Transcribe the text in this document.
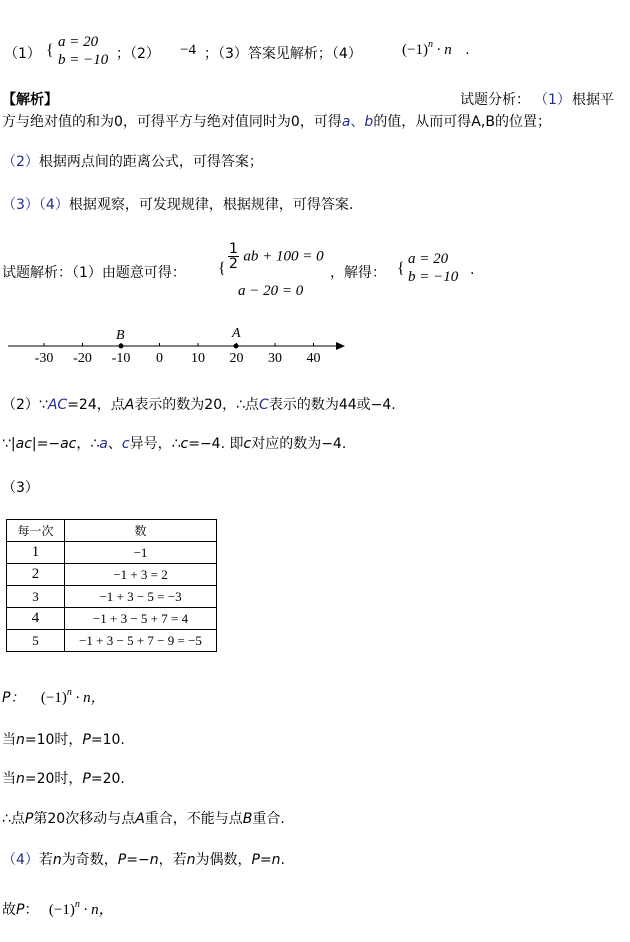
（1） { a = 20
b = −10 ；（2） −4 ；（3）答案见解析；（4）	$(-1)^n \cdot n$ .
【解析】	试题分析： （1） 根据平
方与绝对值的和为0，可得平方与绝对值同时为0，可得a、b的值，从而可得A,B的位置；
（2）根据两点间的距离公式，可得答案；
（3）（4）根据观察，可发现规律，根据规律，可得答案.
试题解析：（1）由题意可得： { $\frac{1}{2}$ ab + 100 = 0
a − 20 = 0
，解得： {
a = 20
b = −10 .
-30 -20 -10 0 10 20 30 40
B	A
（2）∵AC=24，点A表示的数为20，∴点C表示的数为44或−4.
∵|ac|=−ac，∴a、c异号，∴c=−4. 即c对应的数为−4.
（3）
每一次	数
1	−1
2	−1 + 3 = 2
3	−1 + 3 − 5 = −3
4	−1 + 3 − 5 + 7 = 4
5	−1 + 3 − 5 + 7 − 9 = −5
P： $(-1)^n \cdot n$，
当n=10时，P=10.
当n=20时，P=20.
∴点P第20次移动与点A重合，不能与点B重合.
（4）若n为奇数，P=−n，若n为偶数，P=n.
故P： $(-1)^n \cdot n$，
